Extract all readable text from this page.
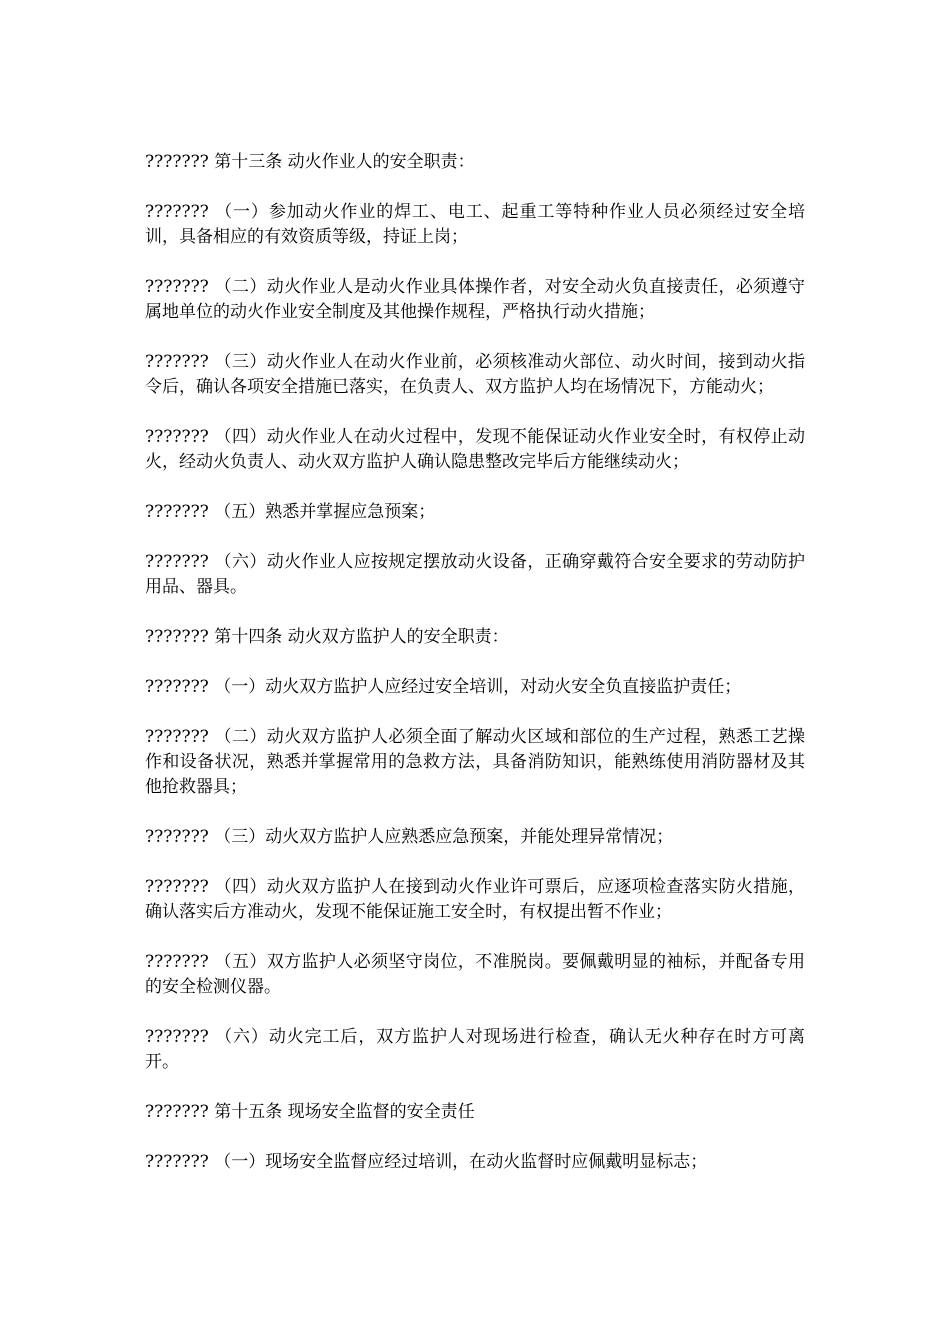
??????? 第十三条 动火作业人的安全职责：

??????? （一）参加动火作业的焊工、电工、起重工等特种作业人员必须经过安全培训，具备相应的有效资质等级，持证上岗；

??????? （二）动火作业人是动火作业具体操作者，对安全动火负直接责任，必须遵守属地单位的动火作业安全制度及其他操作规程，严格执行动火措施；

??????? （三）动火作业人在动火作业前，必须核准动火部位、动火时间，接到动火指令后，确认各项安全措施已落实，在负责人、双方监护人均在场情况下，方能动火；

??????? （四）动火作业人在动火过程中，发现不能保证动火作业安全时，有权停止动火，经动火负责人、动火双方监护人确认隐患整改完毕后方能继续动火；

??????? （五）熟悉并掌握应急预案；

??????? （六）动火作业人应按规定摆放动火设备，正确穿戴符合安全要求的劳动防护用品、器具。

??????? 第十四条 动火双方监护人的安全职责：

??????? （一）动火双方监护人应经过安全培训，对动火安全负直接监护责任；

??????? （二）动火双方监护人必须全面了解动火区域和部位的生产过程，熟悉工艺操作和设备状况，熟悉并掌握常用的急救方法，具备消防知识，能熟练使用消防器材及其他抢救器具；

??????? （三）动火双方监护人应熟悉应急预案，并能处理异常情况；

??????? （四）动火双方监护人在接到动火作业许可票后，应逐项检查落实防火措施，确认落实后方准动火，发现不能保证施工安全时，有权提出暂不作业；

??????? （五）双方监护人必须坚守岗位，不准脱岗。要佩戴明显的袖标，并配备专用的安全检测仪器。

??????? （六）动火完工后，双方监护人对现场进行检查，确认无火种存在时方可离开。

??????? 第十五条 现场安全监督的安全责任

??????? （一）现场安全监督应经过培训，在动火监督时应佩戴明显标志；
